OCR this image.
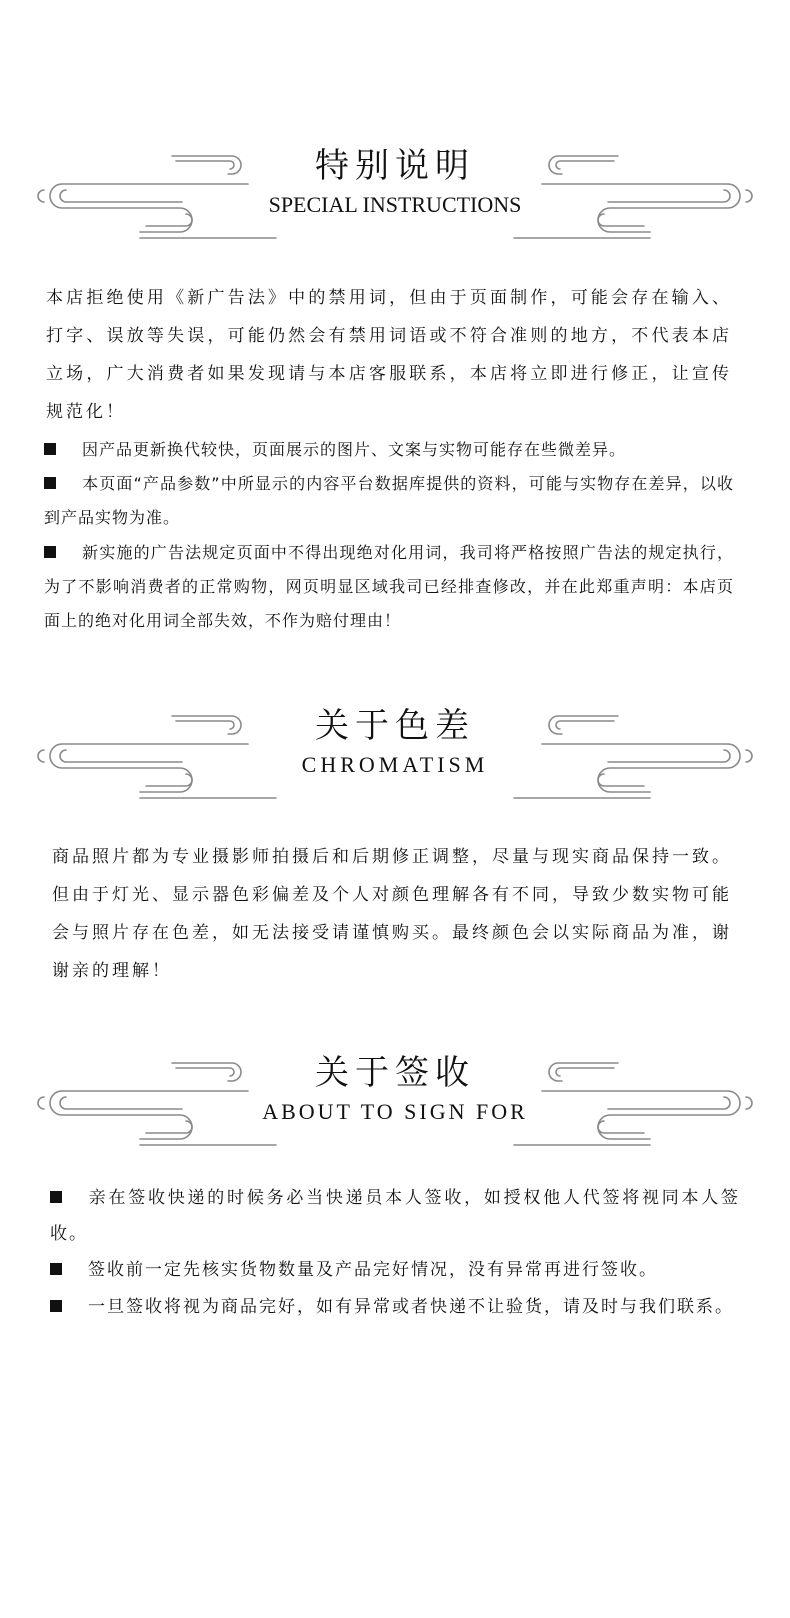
特别说明
SPECIAL INSTRUCTIONS

本店拒绝使用《新广告法》中的禁用词，但由于页面制作，可能会存在输入、打字、误放等失误，可能仍然会有禁用词语或不符合准则的地方，不代表本店立场，广大消费者如果发现请与本店客服联系，本店将立即进行修正，让宣传规范化！

因产品更新换代较快，页面展示的图片、文案与实物可能存在些微差异。
本页面“产品参数”中所显示的内容平台数据库提供的资料，可能与实物存在差异，以收到产品实物为准。
新实施的广告法规定页面中不得出现绝对化用词，我司将严格按照广告法的规定执行，为了不影响消费者的正常购物，网页明显区域我司已经排查修改，并在此郑重声明：本店页面上的绝对化用词全部失效，不作为赔付理由！
关于色差
CHROMATISM

商品照片都为专业摄影师拍摄后和后期修正调整，尽量与现实商品保持一致。但由于灯光、显示器色彩偏差及个人对颜色理解各有不同，导致少数实物可能会与照片存在色差，如无法接受请谨慎购买。最终颜色会以实际商品为准，谢谢亲的理解！

关于签收
ABOUT TO SIGN FOR
亲在签收快递的时候务必当快递员本人签收，如授权他人代签将视同本人签收。
签收前一定先核实货物数量及产品完好情况，没有异常再进行签收。
一旦签收将视为商品完好，如有异常或者快递不让验货，请及时与我们联系。
